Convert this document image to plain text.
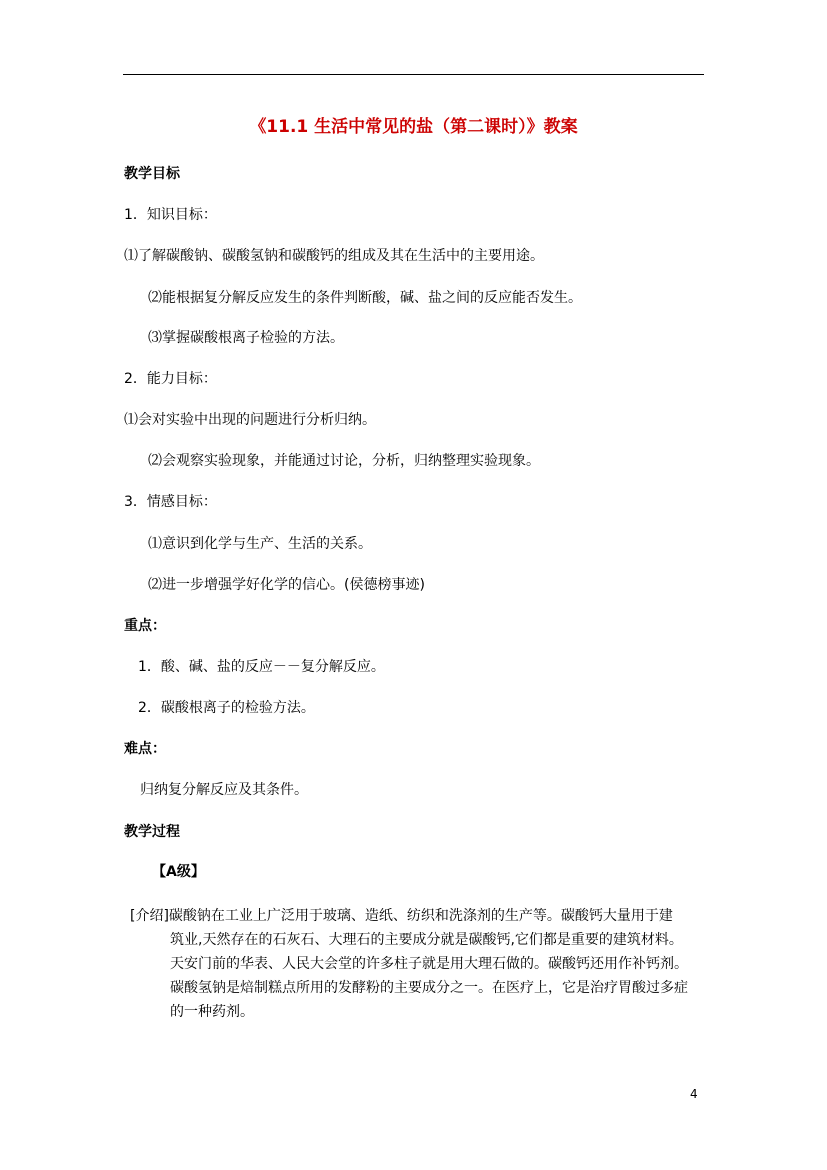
《11.1 生活中常见的盐（第二课时）》教案
教学目标
1．知识目标：
⑴了解碳酸钠、碳酸氢钠和碳酸钙的组成及其在生活中的主要用途。
⑵能根据复分解反应发生的条件判断酸，碱、盐之间的反应能否发生。
⑶掌握碳酸根离子检验的方法。
2．能力目标：
⑴会对实验中出现的问题进行分析归纳。
⑵会观察实验现象，并能通过讨论，分析，归纳整理实验现象。
3．情感目标：
⑴意识到化学与生产、生活的关系。
⑵进一步增强学好化学的信心。(侯德榜事迹)
重点：
1．酸、碱、盐的反应－－复分解反应。
2．碳酸根离子的检验方法。
难点：
归纳复分解反应及其条件。
教学过程
【A级】
[介绍]碳酸钠在工业上广泛用于玻璃、造纸、纺织和洗涤剂的生产等。碳酸钙大量用于建
筑业,天然存在的石灰石、大理石的主要成分就是碳酸钙,它们都是重要的建筑材料。
天安门前的华表、人民大会堂的许多柱子就是用大理石做的。碳酸钙还用作补钙剂。
碳酸氢钠是焙制糕点所用的发酵粉的主要成分之一。在医疗上，它是治疗胃酸过多症
的一种药剂。
4
